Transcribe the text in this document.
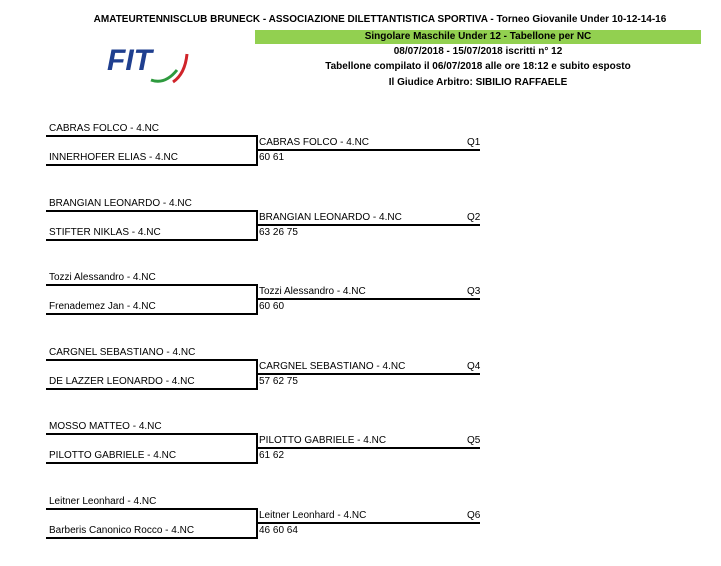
AMATEURTENNISCLUB BRUNECK - ASSOCIAZIONE DILETTANTISTICA SPORTIVA - Torneo Giovanile Under 10-12-14-16
Singolare Maschile Under 12 - Tabellone per NC
08/07/2018 - 15/07/2018 iscritti n° 12
Tabellone compilato il 06/07/2018 alle ore 18:12 e subito esposto
Il Giudice Arbitro: SIBILIO RAFFAELE
FIT
CABRAS FOLCO - 4.NC
CABRAS FOLCO - 4.NC	Q1
INNERHOFER ELIAS - 4.NC	60 61
BRANGIAN LEONARDO - 4.NC
BRANGIAN LEONARDO - 4.NC	Q2
STIFTER NIKLAS - 4.NC	63 26 75
Tozzi Alessandro - 4.NC
Tozzi Alessandro - 4.NC	Q3
Frenademez Jan - 4.NC	60 60
CARGNEL SEBASTIANO - 4.NC
CARGNEL SEBASTIANO - 4.NC	Q4
DE LAZZER LEONARDO - 4.NC	57 62 75
MOSSO MATTEO - 4.NC
PILOTTO GABRIELE - 4.NC	Q5
PILOTTO GABRIELE - 4.NC	61 62
Leitner Leonhard - 4.NC
Leitner Leonhard - 4.NC	Q6
Barberis Canonico Rocco - 4.NC	46 60 64
